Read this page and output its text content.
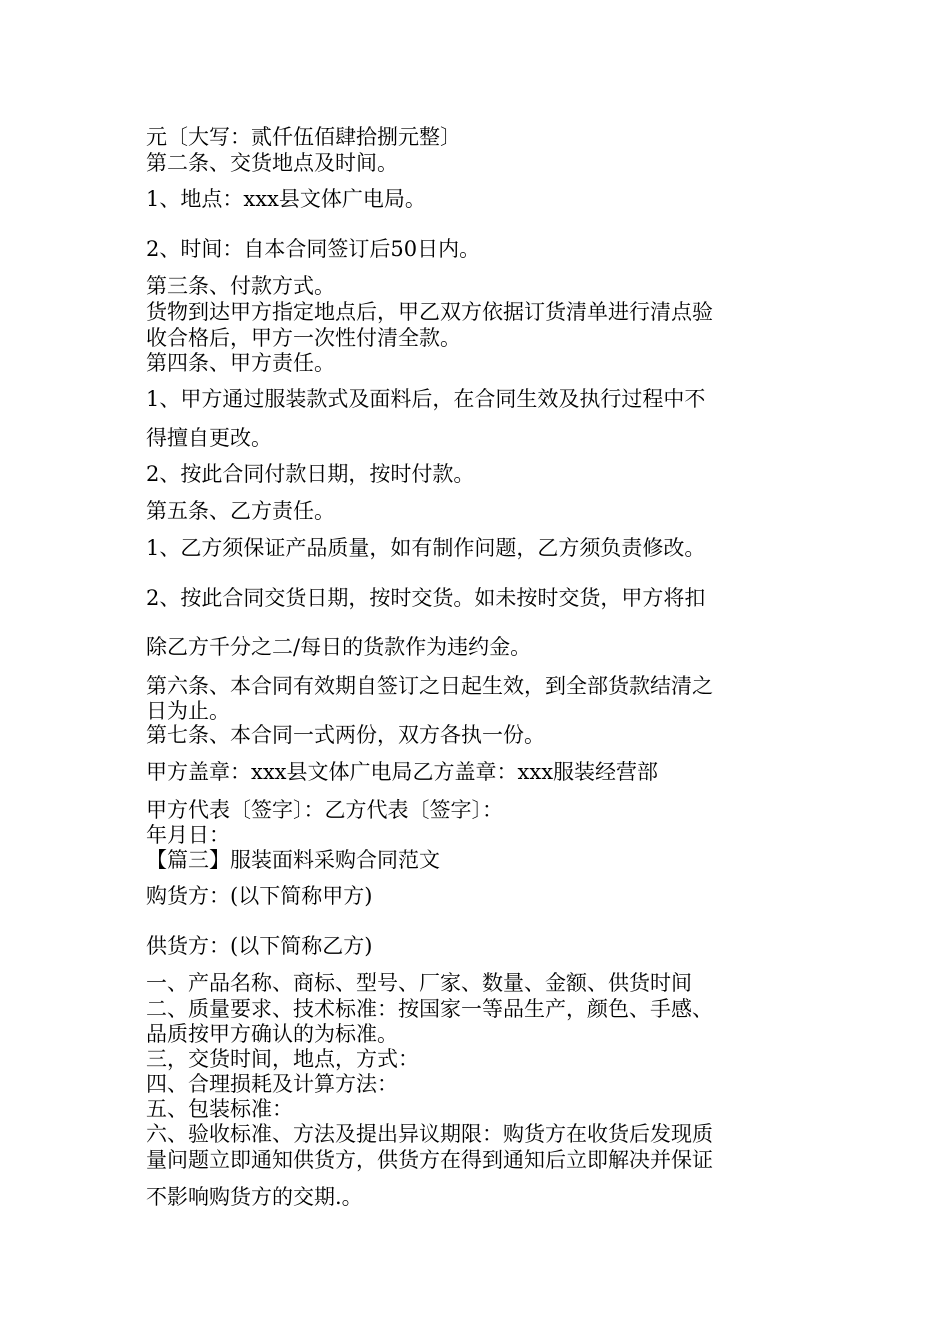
元〔大写：贰仟伍佰肆拾捌元整〕
第二条、交货地点及时间。
1、地点：xxx县文体广电局。
2、时间：自本合同签订后50日内。
第三条、付款方式。
货物到达甲方指定地点后，甲乙双方依据订货清单进行清点验
收合格后，甲方一次性付清全款。
第四条、甲方责任。
1、甲方通过服装款式及面料后，在合同生效及执行过程中不
得擅自更改。
2、按此合同付款日期，按时付款。
第五条、乙方责任。
1、乙方须保证产品质量，如有制作问题，乙方须负责修改。
2、按此合同交货日期，按时交货。如未按时交货，甲方将扣
除乙方千分之二/每日的货款作为违约金。
第六条、本合同有效期自签订之日起生效，到全部货款结清之
日为止。
第七条、本合同一式两份，双方各执一份。
甲方盖章：xxx县文体广电局乙方盖章：xxx服装经营部
甲方代表〔签字〕：乙方代表〔签字〕：
年月日：
【篇三】服装面料采购合同范文
购货方：(以下简称甲方)
供货方：(以下简称乙方)
一、产品名称、商标、型号、厂家、数量、金额、供货时间
二、质量要求、技术标准：按国家一等品生产，颜色、手感、
品质按甲方确认的为标准。
三，交货时间，地点，方式：
四、合理损耗及计算方法：
五、包装标准：
六、验收标准、方法及提出异议期限：购货方在收货后发现质
量问题立即通知供货方，供货方在得到通知后立即解决并保证
不影响购货方的交期.。
